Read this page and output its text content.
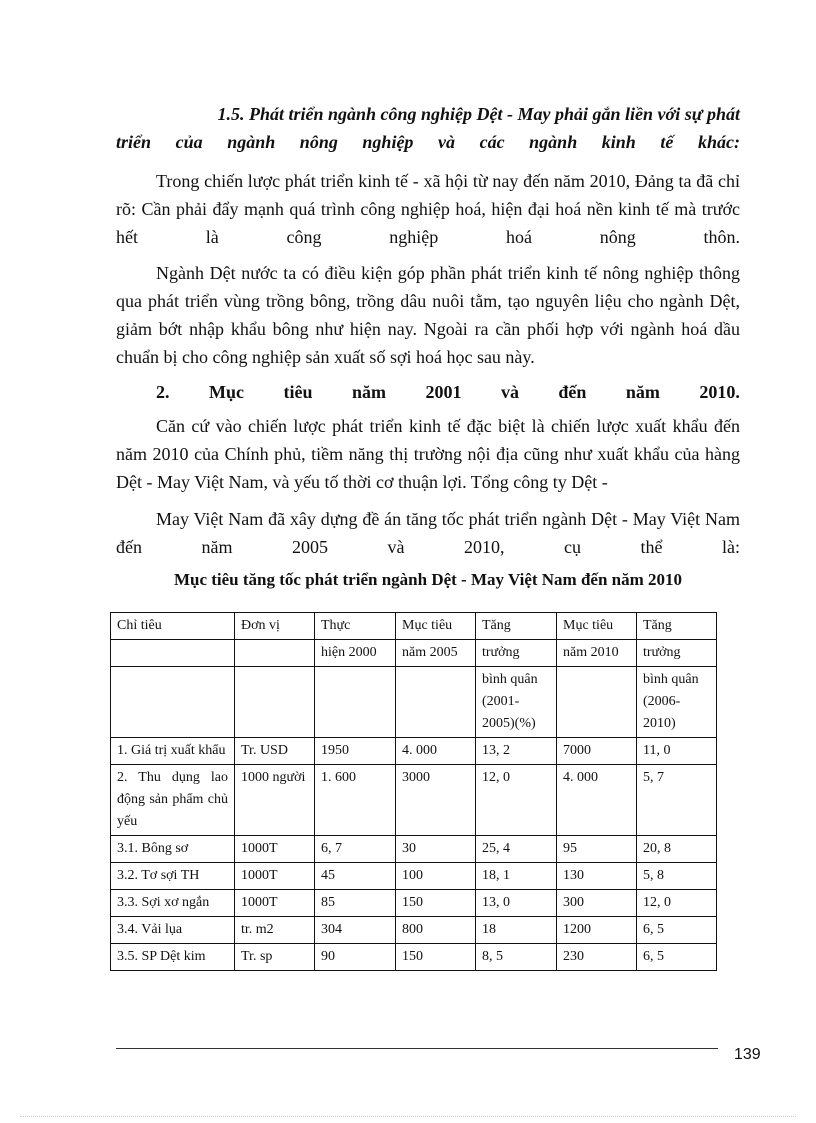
1.5. Phát triển ngành công nghiệp Dệt - May phải gắn liền với sự phát
triển của ngành nông nghiệp và các ngành kinh tế khác:
Trong chiến lược phát triển kinh tế - xã hội từ nay đến năm 2010, Đảng ta đã chỉ rõ: Cần phải đẩy mạnh quá trình công nghiệp hoá, hiện đại hoá nền kinh tế mà trước hết là công nghiệp hoá nông thôn.
Ngành Dệt nước ta có điều kiện góp phần phát triển kinh tế nông nghiệp thông qua phát triển vùng trồng bông, trồng dâu nuôi tằm, tạo nguyên liệu cho ngành Dệt, giảm bớt nhập khẩu bông như hiện nay. Ngoài ra cần phối hợp với ngành hoá dầu chuẩn bị cho công nghiệp sản xuất số sợi hoá học sau này.
2. Mục tiêu năm 2001 và đến năm 2010.
Căn cứ vào chiến lược phát triển kinh tế đặc biệt là chiến lược xuất khẩu đến năm 2010 của Chính phủ, tiềm năng thị trường nội địa cũng như xuất khẩu của hàng Dệt - May Việt Nam, và yếu tố thời cơ thuận lợi. Tổng công ty Dệt -
May Việt Nam đã xây dựng đề án tăng tốc phát triển ngành Dệt - May Việt Nam đến năm 2005 và 2010, cụ thể là:
Mục tiêu tăng tốc phát triển ngành Dệt - May Việt Nam đến năm 2010
Chỉ tiêu	Đơn vị	Thực	Mục tiêu	Tăng	Mục tiêu	Tăng
		hiện 2000	năm 2005	trưởng	năm 2010	trưởng
				bình quân (2001-2005)(%)		bình quân (2006-2010)
1. Giá trị xuất khẩu	Tr. USD	1950	4. 000	13, 2	7000	11, 0
2. Thu dụng lao động sản phẩm chủ yếu	1000 người	1. 600	3000	12, 0	4. 000	5, 7
3.1. Bông sơ	1000T	6, 7	30	25, 4	95	20, 8
3.2. Tơ sợi TH	1000T	45	100	18, 1	130	5, 8
3.3. Sợi xơ ngắn	1000T	85	150	13, 0	300	12, 0
3.4. Vải lụa	tr. m2	304	800	18	1200	6, 5
3.5. SP Dệt kim	Tr. sp	90	150	8, 5	230	6, 5
139
